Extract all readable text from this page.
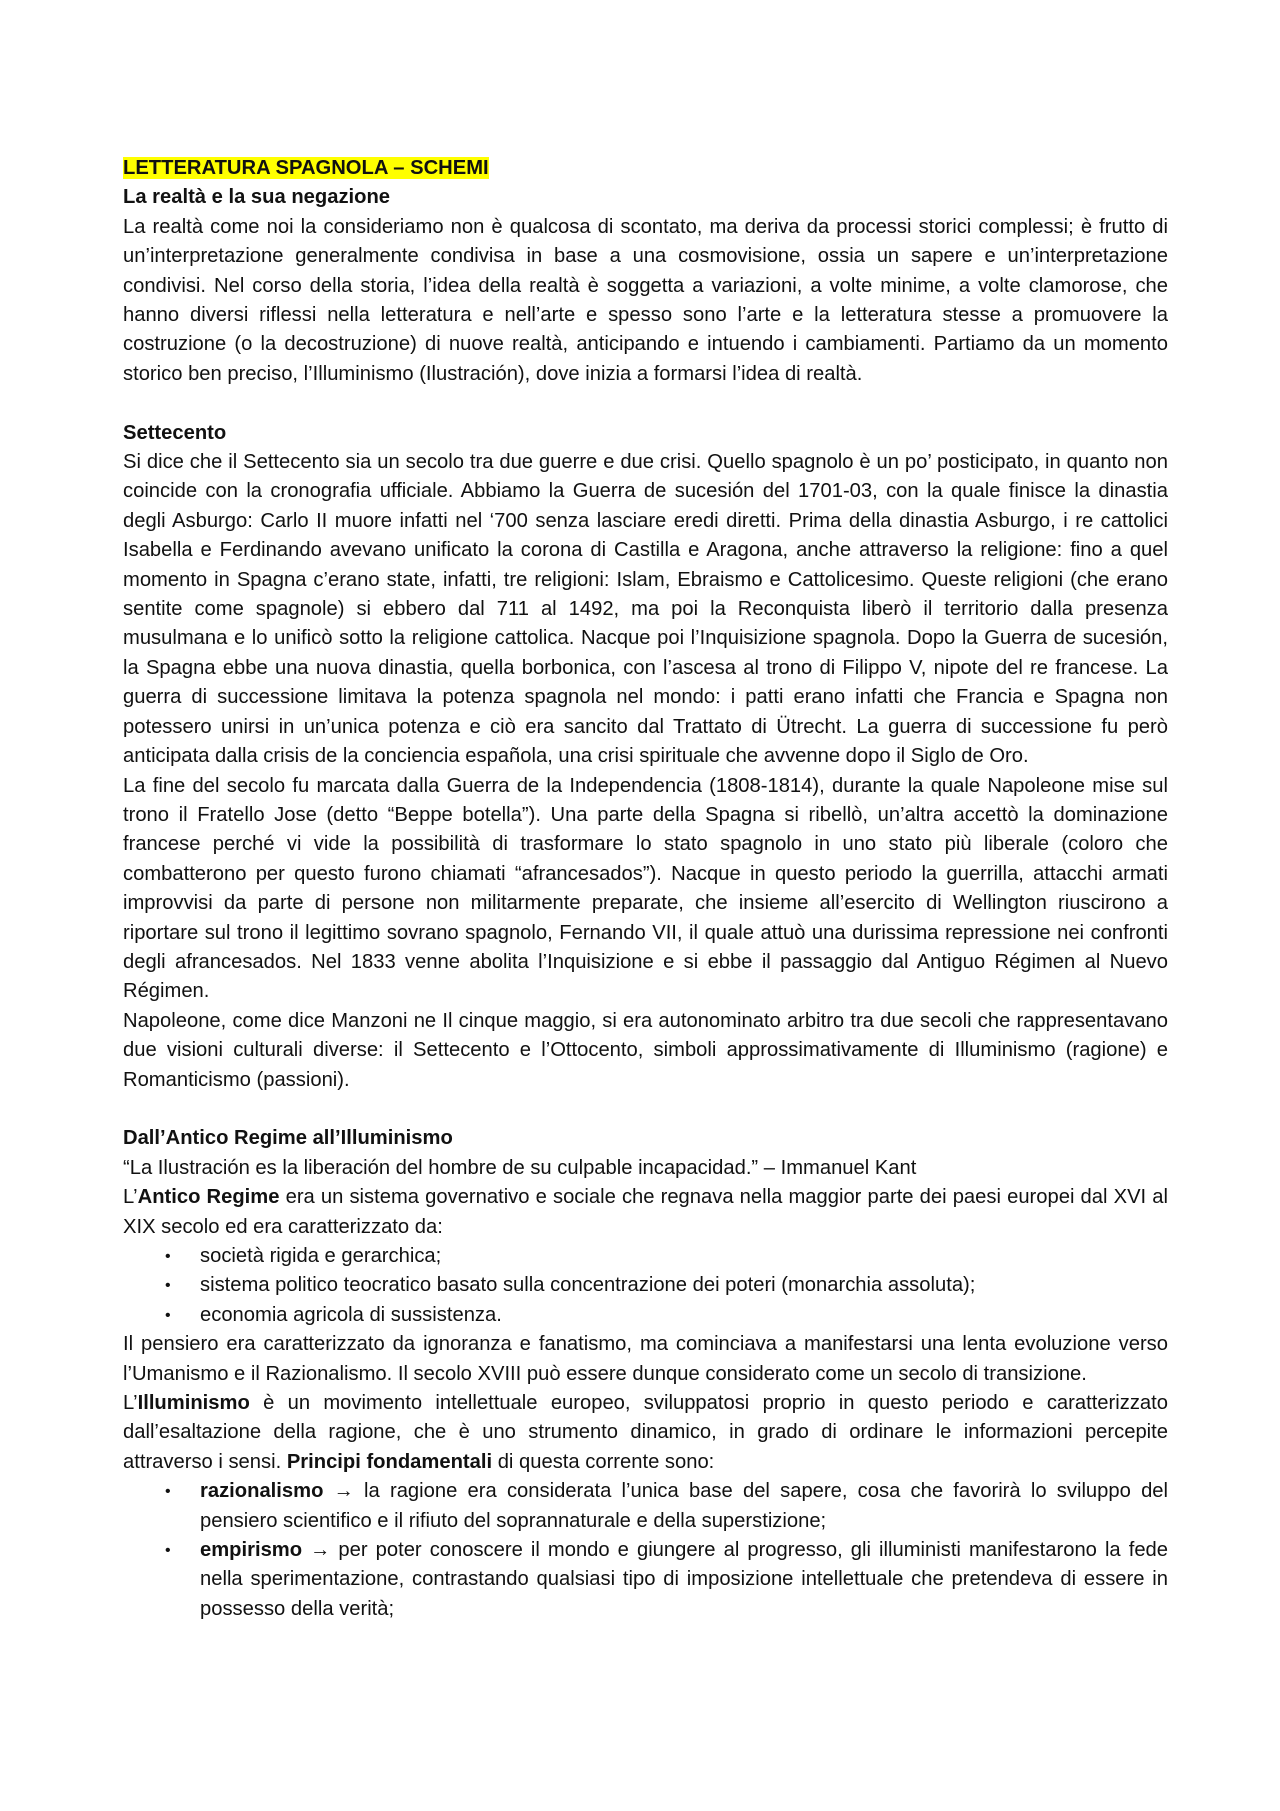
LETTERATURA SPAGNOLA – SCHEMI

La realtà e la sua negazione

La realtà come noi la consideriamo non è qualcosa di scontato, ma deriva da processi storici complessi; è frutto di un’interpretazione generalmente condivisa in base a una cosmovisione, ossia un sapere e un’interpretazione condivisi. Nel corso della storia, l’idea della realtà è soggetta a variazioni, a volte minime, a volte clamorose, che hanno diversi riflessi nella letteratura e nell’arte e spesso sono l’arte e la letteratura stesse a promuovere la costruzione (o la decostruzione) di nuove realtà, anticipando e intuendo i cambiamenti. Partiamo da un momento storico ben preciso, l’Illuminismo (Ilustración), dove inizia a formarsi l’idea di realtà.

Settecento

Si dice che il Settecento sia un secolo tra due guerre e due crisi. Quello spagnolo è un po’ posticipato, in quanto non coincide con la cronografia ufficiale. Abbiamo la Guerra de sucesión del 1701-03, con la quale finisce la dinastia degli Asburgo: Carlo II muore infatti nel ‘700 senza lasciare eredi diretti. Prima della dinastia Asburgo, i re cattolici Isabella e Ferdinando avevano unificato la corona di Castilla e Aragona, anche attraverso la religione: fino a quel momento in Spagna c’erano state, infatti, tre religioni: Islam, Ebraismo e Cattolicesimo. Queste religioni (che erano sentite come spagnole) si ebbero dal 711 al 1492, ma poi la Reconquista liberò il territorio dalla presenza musulmana e lo unificò sotto la religione cattolica. Nacque poi l’Inquisizione spagnola. Dopo la Guerra de sucesión, la Spagna ebbe una nuova dinastia, quella borbonica, con l’ascesa al trono di Filippo V, nipote del re francese. La guerra di successione limitava la potenza spagnola nel mondo: i patti erano infatti che Francia e Spagna non potessero unirsi in un’unica potenza e ciò era sancito dal Trattato di Ütrecht. La guerra di successione fu però anticipata dalla crisis de la conciencia española, una crisi spirituale che avvenne dopo il Siglo de Oro.

La fine del secolo fu marcata dalla Guerra de la Independencia (1808-1814), durante la quale Napoleone mise sul trono il Fratello Jose (detto “Beppe botella”). Una parte della Spagna si ribellò, un’altra accettò la dominazione francese perché vi vide la possibilità di trasformare lo stato spagnolo in uno stato più liberale (coloro che combatterono per questo furono chiamati “afrancesados”). Nacque in questo periodo la guerrilla, attacchi armati improvvisi da parte di persone non militarmente preparate, che insieme all’esercito di Wellington riuscirono a riportare sul trono il legittimo sovrano spagnolo, Fernando VII, il quale attuò una durissima repressione nei confronti degli afrancesados. Nel 1833 venne abolita l’Inquisizione e si ebbe il passaggio dal Antiguo Régimen al Nuevo Régimen.

Napoleone, come dice Manzoni ne Il cinque maggio, si era autonominato arbitro tra due secoli che rappresentavano due visioni culturali diverse: il Settecento e l’Ottocento, simboli approssimativamente di Illuminismo (ragione) e Romanticismo (passioni).

Dall’Antico Regime all’Illuminismo

“La Ilustración es la liberación del hombre de su culpable incapacidad.” – Immanuel Kant

L’Antico Regime era un sistema governativo e sociale che regnava nella maggior parte dei paesi europei dal XVI al XIX secolo ed era caratterizzato da:

• società rigida e gerarchica;
• sistema politico teocratico basato sulla concentrazione dei poteri (monarchia assoluta);
• economia agricola di sussistenza.

Il pensiero era caratterizzato da ignoranza e fanatismo, ma cominciava a manifestarsi una lenta evoluzione verso l’Umanismo e il Razionalismo. Il secolo XVIII può essere dunque considerato come un secolo di transizione.

L’Illuminismo è un movimento intellettuale europeo, sviluppatosi proprio in questo periodo e caratterizzato dall’esaltazione della ragione, che è uno strumento dinamico, in grado di ordinare le informazioni percepite attraverso i sensi. Principi fondamentali di questa corrente sono:

• razionalismo → la ragione era considerata l’unica base del sapere, cosa che favorirà lo sviluppo del pensiero scientifico e il rifiuto del soprannaturale e della superstizione;
• empirismo → per poter conoscere il mondo e giungere al progresso, gli illuministi manifestarono la fede nella sperimentazione, contrastando qualsiasi tipo di imposizione intellettuale che pretendeva di essere in possesso della verità;
